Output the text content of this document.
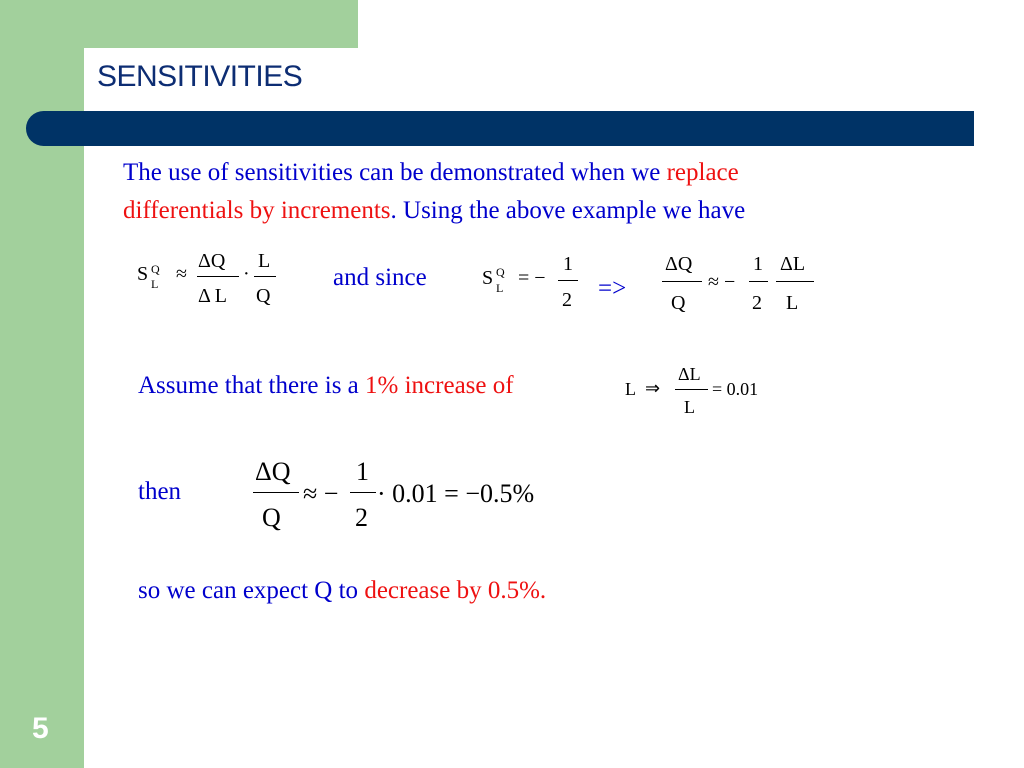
SENSITIVITIES
5
The use of sensitivities can be demonstrated when we replace
differentials by increments. Using the above example we have
S Q
L ≈
ΔQ
Δ L
·
L
Q
and since	S Q
L = −
1
2 =>
ΔQ
Q
≈ −
1
2
ΔL
L
Assume that there is a 1% increase of	L ⇒
ΔL
L
= 0.01
then
ΔQ
Q
≈ −
1
2
· 0.01 = −0.5%
so we can expect Q to decrease by 0.5%.
